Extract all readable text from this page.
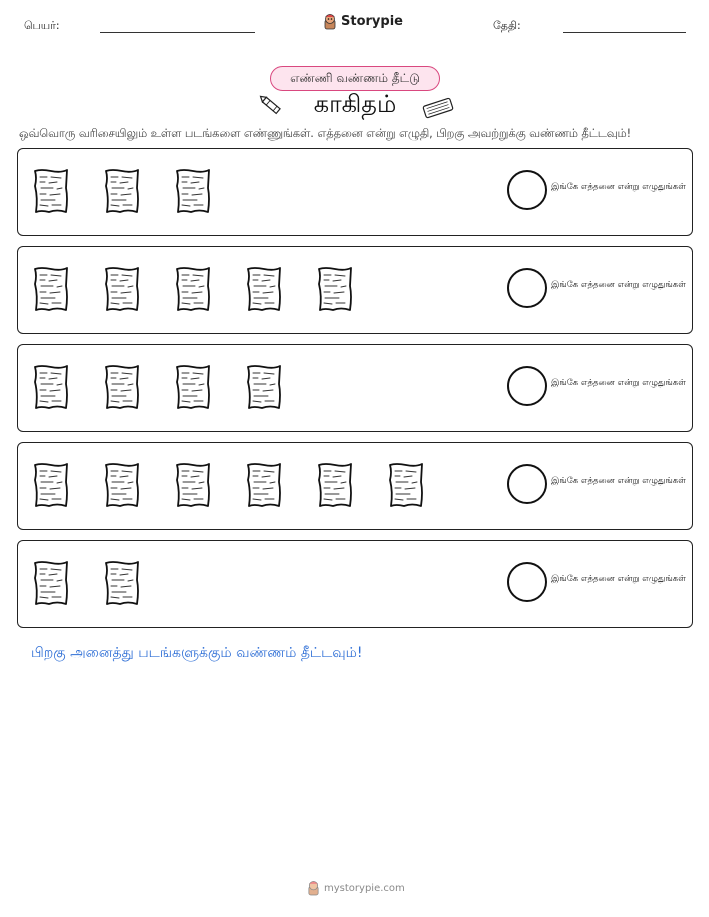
பெயர்:	Storypie	தேதி:
எண்ணி வண்ணம் தீட்டு
காகிதம்
ஒவ்வொரு வரிசையிலும் உள்ள படங்களை எண்ணுங்கள். எத்தனை என்று எழுதி, பிறகு அவற்றுக்கு வண்ணம் தீட்டவும்!
இங்கே எத்தனை என்று எழுதுங்கள்
இங்கே எத்தனை என்று எழுதுங்கள்
இங்கே எத்தனை என்று எழுதுங்கள்
இங்கே எத்தனை என்று எழுதுங்கள்
இங்கே எத்தனை என்று எழுதுங்கள்
பிறகு அனைத்து படங்களுக்கும் வண்ணம் தீட்டவும்!
mystorypie.com
